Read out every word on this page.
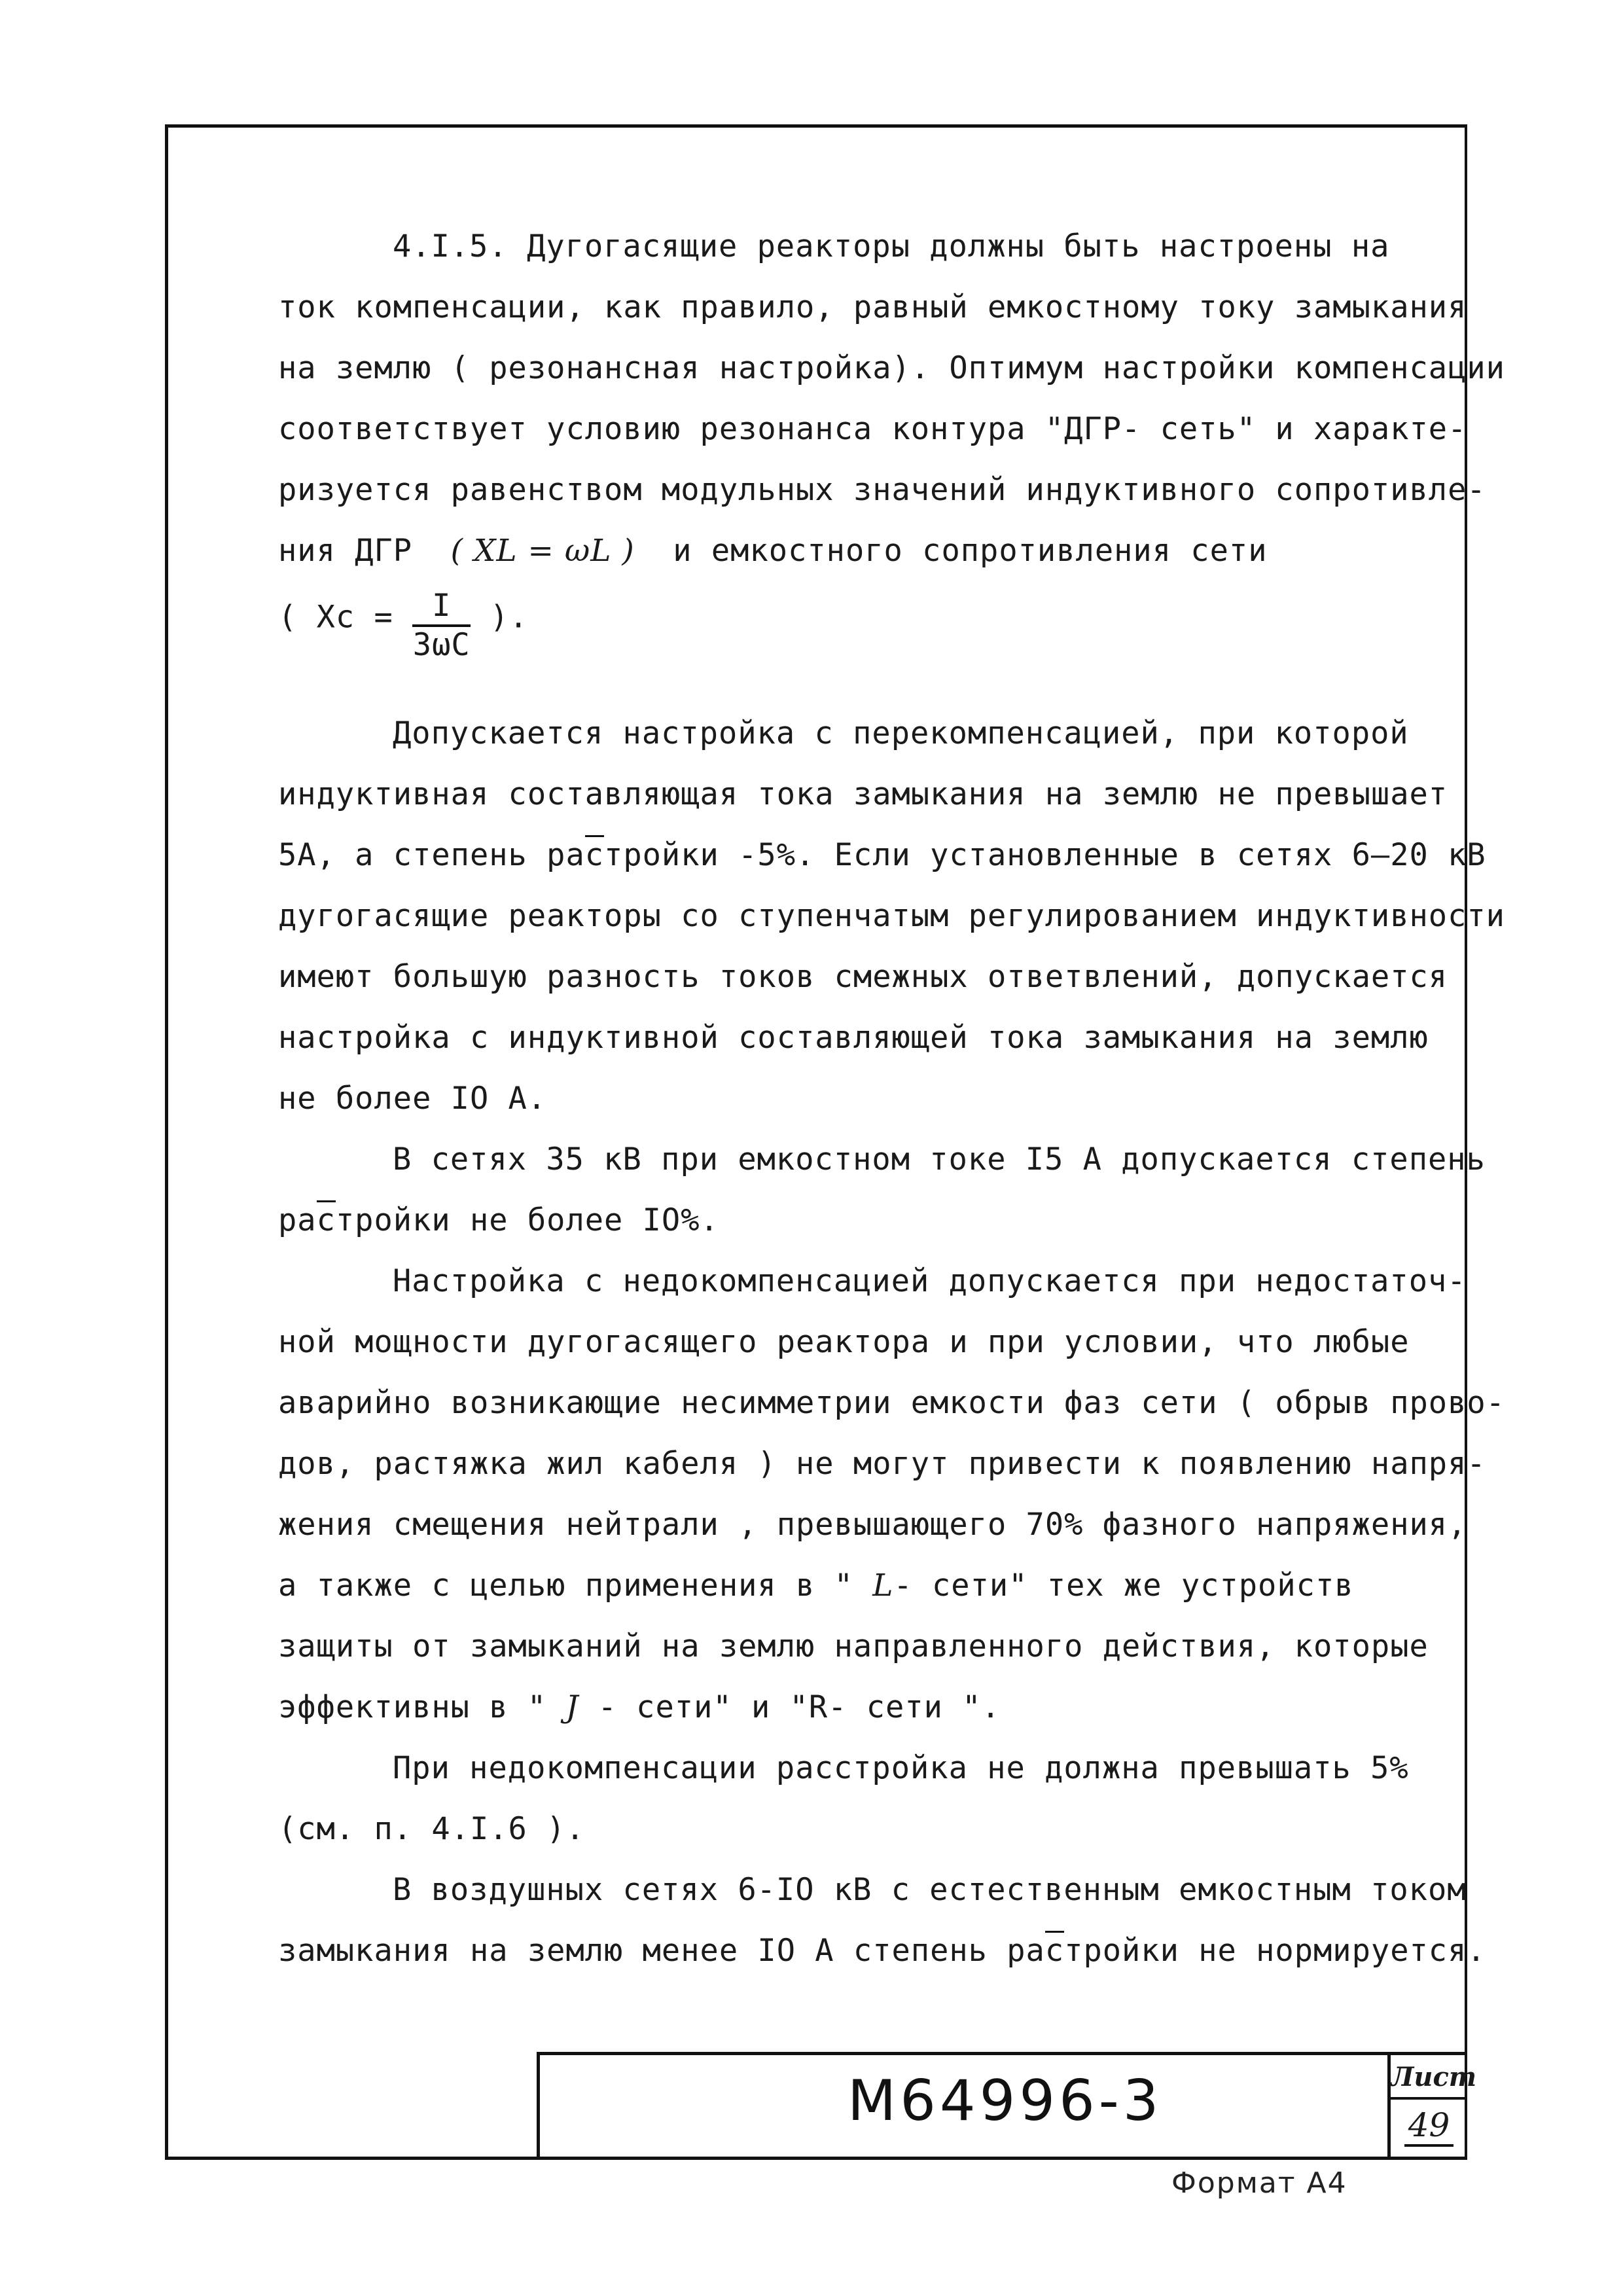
4.I.5. Дугогасящие реакторы должны быть настроены на
ток компенсации, как правило, равный емкостному току замыкания
на землю ( резонансная настройка). Оптимум настройки компенсации
соответствует условию резонанса контура "ДГР- сеть" и характе-
ризуется равенством модульных значений индуктивного сопротивле-
ния ДГР ( XL = ωL ) и емкостного сопротивления сети
( $Xc = \frac{I}{3\omega C}$ ).
Допускается настройка с перекомпенсацией, при которой
индуктивная составляющая тока замыкания на землю не превышает
5А, а степень растройки -5%. Если установленные в сетях 6–20 кВ
дугогасящие реакторы со ступенчатым регулированием индуктивности
имеют большую разность токов смежных ответвлений, допускается
настройка с индуктивной составляющей тока замыкания на землю
не более IO А.
В сетях 35 кВ при емкостном токе I5 А допускается степень
растройки не более IO%.
Настройка с недокомпенсацией допускается при недостаточ-
ной мощности дугогасящего реактора и при условии, что любые
аварийно возникающие несимметрии емкости фаз сети ( обрыв прово-
дов, растяжка жил кабеля ) не могут привести к появлению напря-
жения смещения нейтрали , превышающего 70% фазного напряжения,
а также с целью применения в " L- сети" тех же устройств
защиты от замыканий на землю направленного действия, которые
эффективны в " J - сети" и "R- сети ".
При недокомпенсации расстройка не должна превышать 5%
(см. п. 4.I.6 ).
В воздушных сетях 6-IO кВ с естественным емкостным током
замыкания на землю менее IO А степень растройки не нормируется.
М64996-3	Лист
49
Формат А4
